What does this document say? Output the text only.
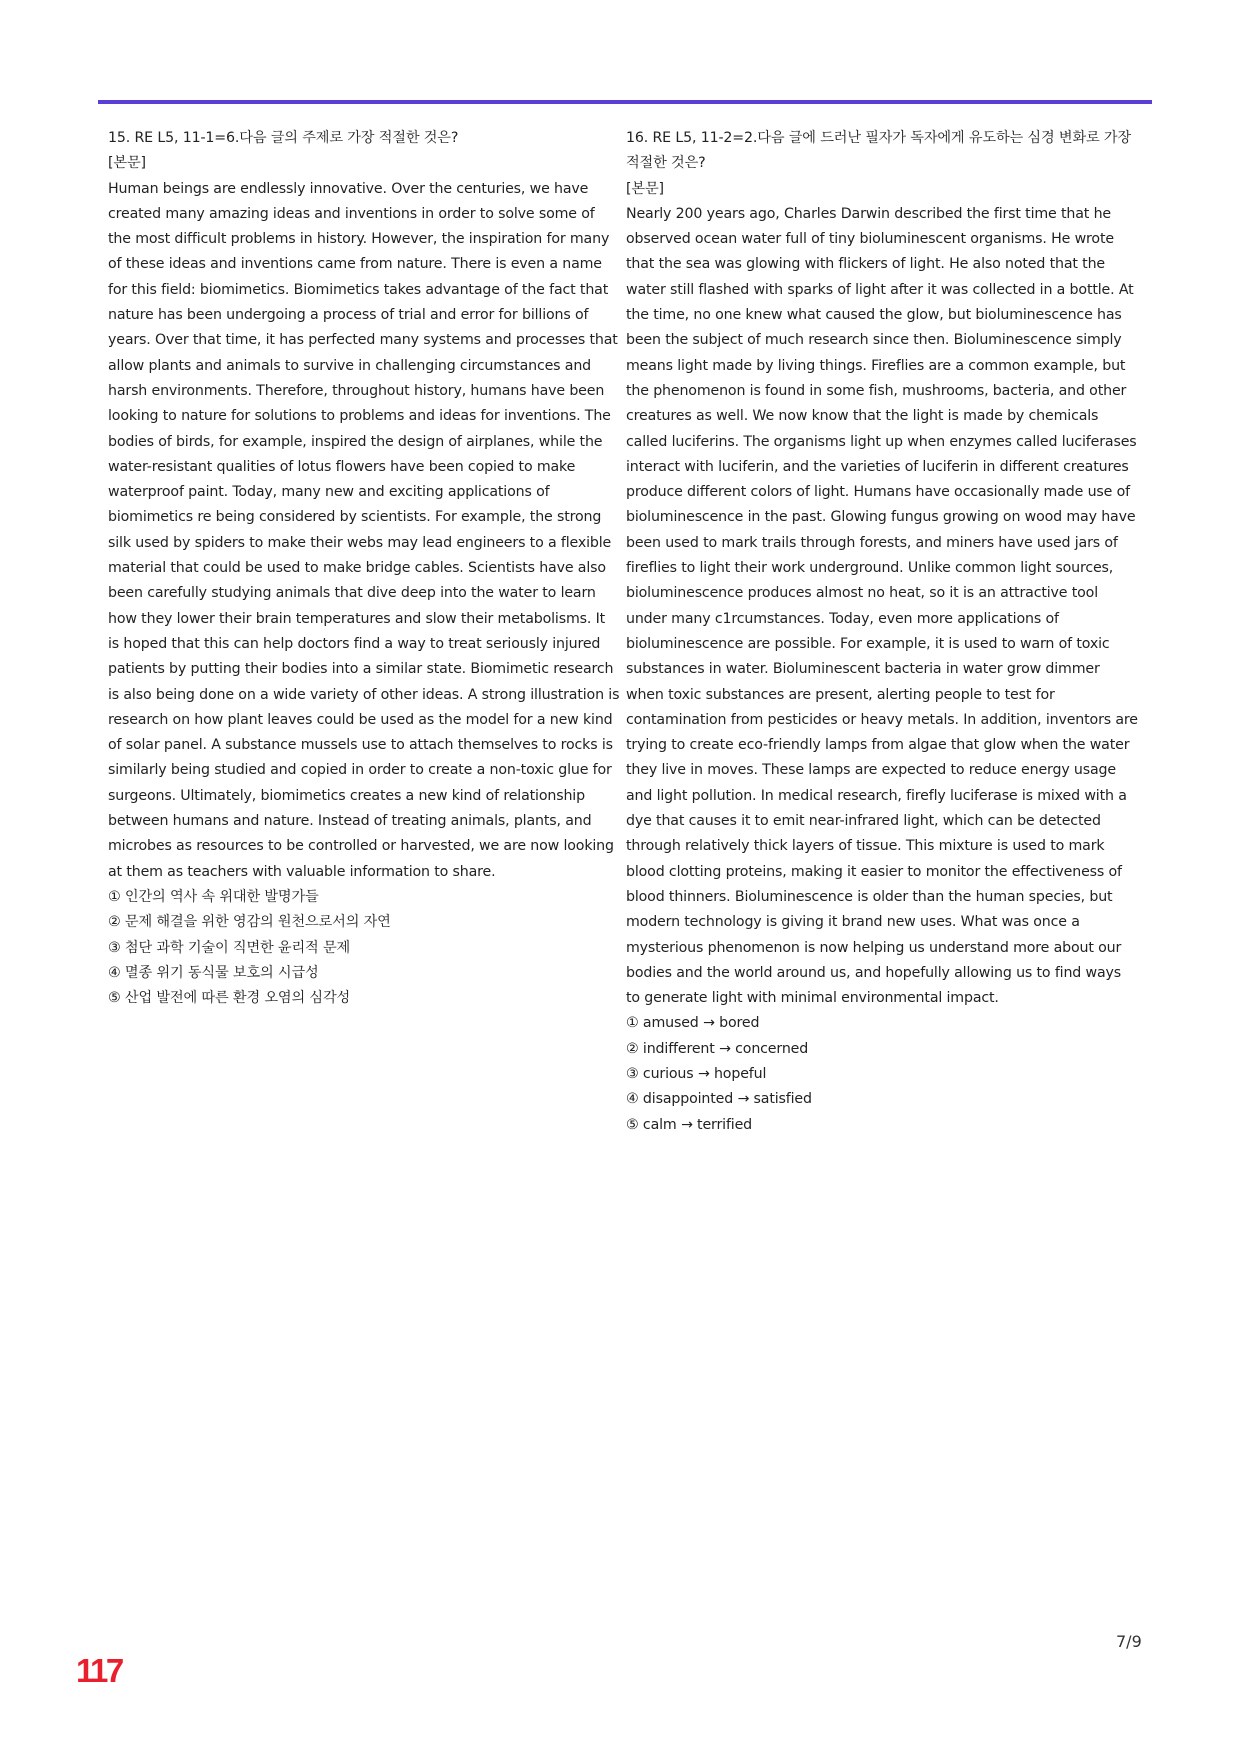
15. RE L5, 11-1=6.다음 글의 주제로 가장 적절한 것은?

[본문]

Human beings are endlessly innovative. Over the centuries, we have created many amazing ideas and inventions in order to solve some of the most difficult problems in history. However, the inspiration for many of these ideas and inventions came from nature. There is even a name for this field: biomimetics. Biomimetics takes advantage of the fact that nature has been undergoing a process of trial and error for billions of years. Over that time, it has perfected many systems and processes that allow plants and animals to survive in challenging circumstances and harsh environments. Therefore, throughout history, humans have been looking to nature for solutions to problems and ideas for inventions. The bodies of birds, for example, inspired the design of airplanes, while the water-resistant qualities of lotus flowers have been copied to make waterproof paint. Today, many new and exciting applications of biomimetics re being considered by scientists. For example, the strong silk used by spiders to make their webs may lead engineers to a flexible material that could be used to make bridge cables. Scientists have also been carefully studying animals that dive deep into the water to learn how they lower their brain temperatures and slow their metabolisms. It is hoped that this can help doctors find a way to treat seriously injured patients by putting their bodies into a similar state. Biomimetic research is also being done on a wide variety of other ideas. A strong illustration is research on how plant leaves could be used as the model for a new kind of solar panel. A substance mussels use to attach themselves to rocks is similarly being studied and copied in order to create a non-toxic glue for surgeons. Ultimately, biomimetics creates a new kind of relationship between humans and nature. Instead of treating animals, plants, and microbes as resources to be controlled or harvested, we are now looking at them as teachers with valuable information to share.

① 인간의 역사 속 위대한 발명가들
② 문제 해결을 위한 영감의 원천으로서의 자연
③ 첨단 과학 기술이 직면한 윤리적 문제
④ 멸종 위기 동식물 보호의 시급성
⑤ 산업 발전에 따른 환경 오염의 심각성

16. RE L5, 11-2=2.다음 글에 드러난 필자가 독자에게 유도하는 심경 변화로 가장 적절한 것은?

[본문]

Nearly 200 years ago, Charles Darwin described the first time that he observed ocean water full of tiny bioluminescent organisms. He wrote that the sea was glowing with flickers of light. He also noted that the water still flashed with sparks of light after it was collected in a bottle. At the time, no one knew what caused the glow, but bioluminescence has been the subject of much research since then. Bioluminescence simply means light made by living things. Fireflies are a common example, but the phenomenon is found in some fish, mushrooms, bacteria, and other creatures as well. We now know that the light is made by chemicals called luciferins. The organisms light up when enzymes called luciferases interact with luciferin, and the varieties of luciferin in different creatures produce different colors of light. Humans have occasionally made use of bioluminescence in the past. Glowing fungus growing on wood may have been used to mark trails through forests, and miners have used jars of fireflies to light their work underground. Unlike common light sources, bioluminescence produces almost no heat, so it is an attractive tool under many c1rcumstances. Today, even more applications of bioluminescence are possible. For example, it is used to warn of toxic substances in water. Bioluminescent bacteria in water grow dimmer when toxic substances are present, alerting people to test for contamination from pesticides or heavy metals. In addition, inventors are trying to create eco-friendly lamps from algae that glow when the water they live in moves. These lamps are expected to reduce energy usage and light pollution. In medical research, firefly luciferase is mixed with a dye that causes it to emit near-infrared light, which can be detected through relatively thick layers of tissue. This mixture is used to mark blood clotting proteins, making it easier to monitor the effectiveness of blood thinners. Bioluminescence is older than the human species, but modern technology is giving it brand new uses. What was once a mysterious phenomenon is now helping us understand more about our bodies and the world around us, and hopefully allowing us to find ways to generate light with minimal environmental impact.

① amused → bored
② indifferent → concerned
③ curious → hopeful
④ disappointed → satisfied
⑤ calm → terrified
7/9
117
